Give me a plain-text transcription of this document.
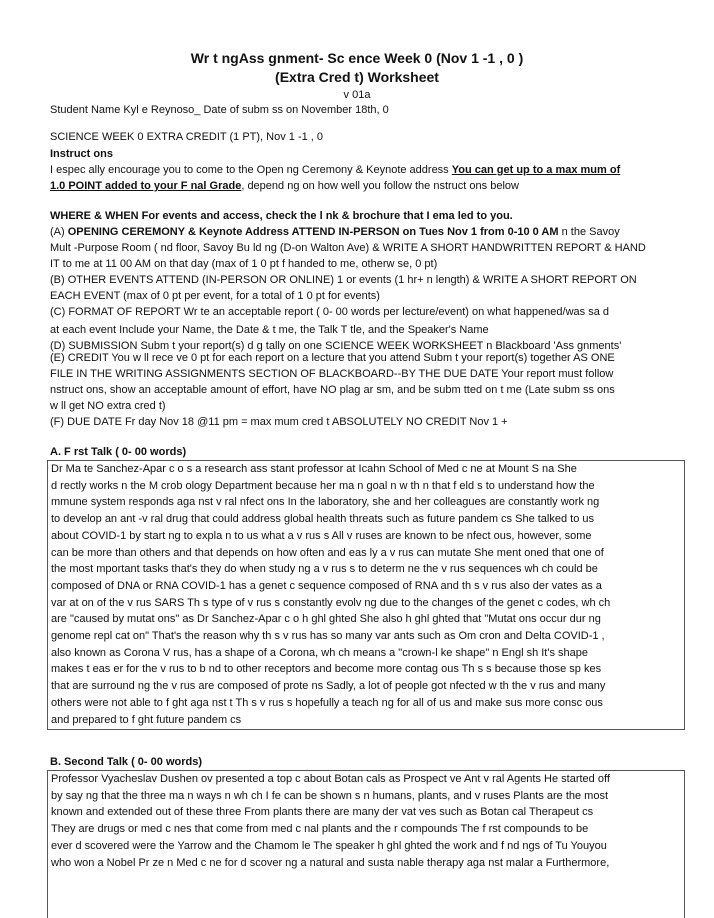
Wr t ngAss gnment- Sc ence Week 0 (Nov 1 -1 , 0 )
(Extra Cred t) Worksheet
v 01a
Student Name Kyl e Reynoso_ Date of subm ss on November 18th, 0
SCIENCE WEEK 0 EXTRA CREDIT (1 PT), Nov 1 -1 , 0
Instruct ons
I espec ally encourage you to come to the Open ng Ceremony & Keynote address You can get up to a max mum of
1.0 POINT added to your F nal Grade, depend ng on how well you follow the nstruct ons below
WHERE & WHEN For events and access, check the l nk & brochure that I ema led to you.
(A) OPENING CEREMONY & Keynote Address ATTEND IN-PERSON on Tues Nov 1 from 0-10 0 AM n the Savoy
Mult -Purpose Room ( nd floor, Savoy Bu ld ng (D-on Walton Ave) & WRITE A SHORT HANDWRITTEN REPORT & HAND
IT to me at 11 00 AM on that day (max of 1 0 pt f handed to me, otherw se, 0 pt)
(B) OTHER EVENTS ATTEND (IN-PERSON OR ONLINE) 1 or events (1 hr+ n length) & WRITE A SHORT REPORT ON
EACH EVENT (max of 0 pt per event, for a total of 1 0 pt for events)
(C) FORMAT OF REPORT Wr te an acceptable report ( 0- 00 words per lecture/event) on what happened/was sa d
at each event Include your Name, the Date & t me, the Talk T tle, and the Speaker's Name
(D) SUBMISSION Subm t your report(s) d g tally on one SCIENCE WEEK WORKSHEET n Blackboard 'Ass gnments'
(E) CREDIT You w ll rece ve 0 pt for each report on a lecture that you attend Subm t your report(s) together AS ONE
FILE IN THE WRITING ASSIGNMENTS SECTION OF BLACKBOARD--BY THE DUE DATE Your report must follow
nstruct ons, show an acceptable amount of effort, have NO plag ar sm, and be subm tted on t me (Late subm ss ons
w ll get NO extra cred t)
(F) DUE DATE Fr day Nov 18 @11 pm = max mum cred t ABSOLUTELY NO CREDIT Nov 1 +
A. F rst Talk ( 0- 00 words)
Dr Ma te Sanchez-Apar c o s a research ass stant professor at Icahn School of Med c ne at Mount S na She
d rectly works n the M crob ology Department because her ma n goal n w th n that f eld s to understand how the
mmune system responds aga nst v ral nfect ons In the laboratory, she and her colleagues are constantly work ng
to develop an ant -v ral drug that could address global health threats such as future pandem cs She talked to us
about COVID-1 by start ng to expla n to us what a v rus s All v ruses are known to be nfect ous, however, some
can be more than others and that depends on how often and eas ly a v rus can mutate She ment oned that one of
the most mportant tasks that's they do when study ng a v rus s to determ ne the v rus sequences wh ch could be
composed of DNA or RNA COVID-1 has a genet c sequence composed of RNA and th s v rus also der vates as a
var at on of the v rus SARS Th s type of v rus s constantly evolv ng due to the changes of the genet c codes, wh ch
are "caused by mutat ons" as Dr Sanchez-Apar c o h ghl ghted She also h ghl ghted that "Mutat ons occur dur ng
genome repl cat on" That's the reason why th s v rus has so many var ants such as Om cron and Delta COVID-1 ,
also known as Corona V rus, has a shape of a Corona, wh ch means a "crown-l ke shape" n Engl sh It's shape
makes t eas er for the v rus to b nd to other receptors and become more contag ous Th s s because those sp kes
that are surround ng the v rus are composed of prote ns Sadly, a lot of people got nfected w th the v rus and many
others were not able to f ght aga nst t Th s v rus s hopefully a teach ng for all of us and make sus more consc ous
and prepared to f ght future pandem cs
B. Second Talk ( 0- 00 words)
Professor Vyacheslav Dushen ov presented a top c about Botan cals as Prospect ve Ant v ral Agents He started off
by say ng that the three ma n ways n wh ch I fe can be shown s n humans, plants, and v ruses Plants are the most
known and extended out of these three From plants there are many der vat ves such as Botan cal Therapeut cs
They are drugs or med c nes that come from med c nal plants and the r compounds The f rst compounds to be
ever d scovered were the Yarrow and the Chamom le The speaker h ghl ghted the work and f nd ngs of Tu Youyou
who won a Nobel Pr ze n Med c ne for d scover ng a natural and susta nable therapy aga nst malar a Furthermore,
